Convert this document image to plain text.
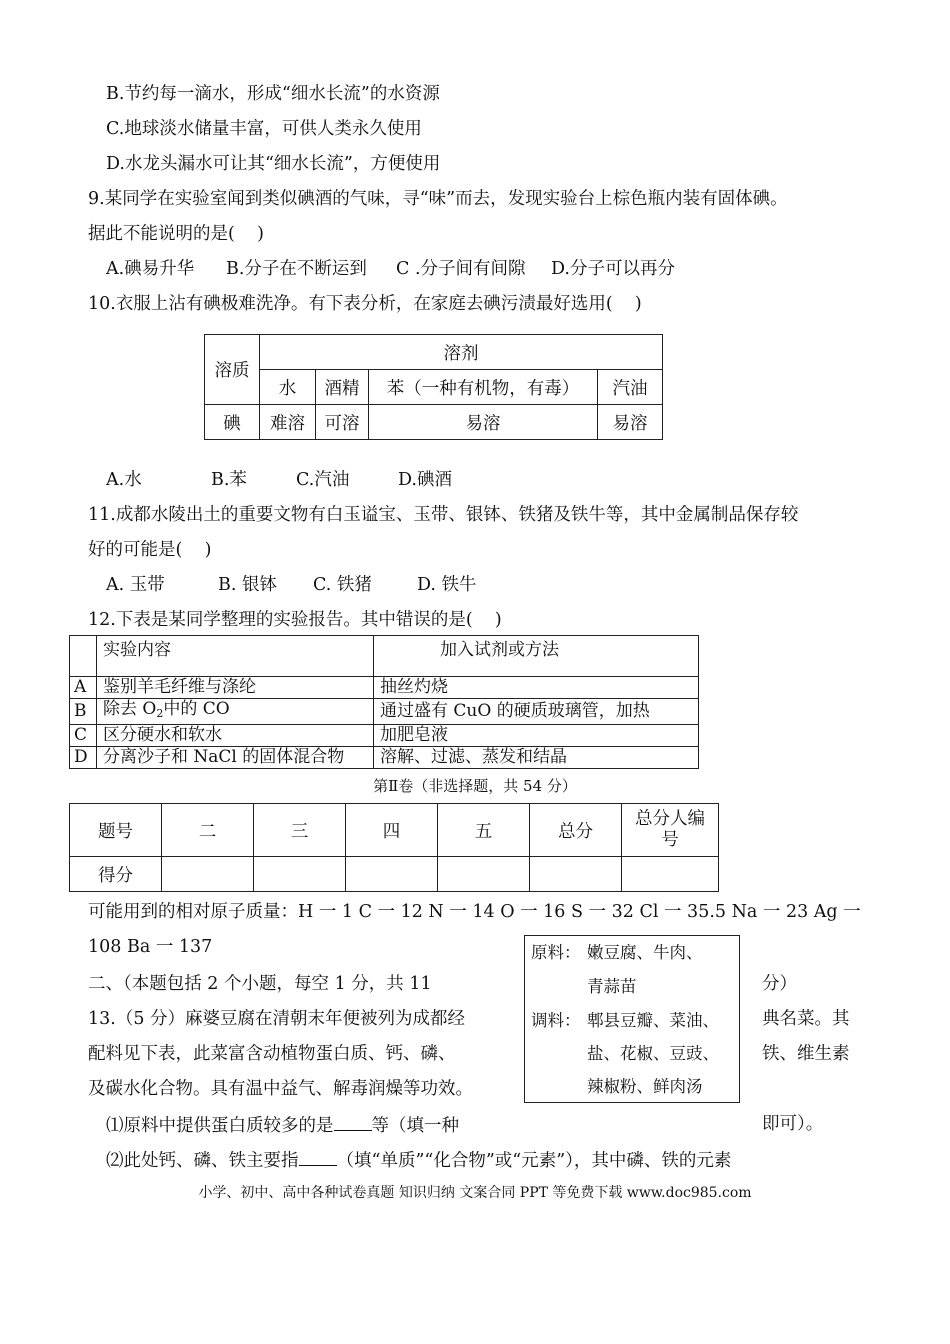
B.节约每一滴水，形成“细水长流”的水资源
C.地球淡水储量丰富，可供人类永久使用
D.水龙头漏水可让其“细水长流”，方便使用
9.某同学在实验室闻到类似碘酒的气味，寻“味”而去，发现实验台上棕色瓶内装有固体碘。
据此不能说明的是(    )
A.碘易升华 B.分子在不断运到 C .分子间有间隙 D.分子可以再分
10.衣服上沾有碘极难洗净。有下表分析，在家庭去碘污渍最好选用(    )
溶质	溶剂			
	水	酒精	苯（一种有机物，有毒）	汽油
碘	难溶	可溶	易溶	易溶
A.水	B.苯	C.汽油	D.碘酒
11.成都水陵出土的重要文物有白玉谥宝、玉带、银钵、铁猪及铁牛等，其中金属制品保存较
好的可能是(    )
A. 玉带	B. 银钵 C. 铁猪	D. 铁牛
12.下表是某同学整理的实验报告。其中错误的是(    )
	实验内容	加入试剂或方法
A	鉴别羊毛纤维与涤纶	抽丝灼烧
B	除去 $O_2$中的 CO	通过盛有 CuO 的硬质玻璃管，加热
C	区分硬水和软水	加肥皂液
D	分离沙子和 NaCl 的固体混合物	溶解、过滤、蒸发和结晶
第Ⅱ卷（非选择题，共 54 分）
题号	二	三	四	五	总分	总分人编号
得分						
可能用到的相对原子质量：H 一 1 C 一 12 N 一 14 O 一 16 S 一 32 Cl 一 35.5 Na 一 23 Ag 一
108 Ba 一 137
二、（本题包括 2 个小题，每空 1 分，共 11	分）
13.（5 分）麻婆豆腐在清朝末年便被列为成都经	典名菜。其
配料见下表，此菜富含动植物蛋白质、钙、磷、	铁、维生素
及碳水化合物。具有温中益气、解毒润燥等功效。
⑴原料中提供蛋白质较多的是 等（填一种	即可）。
⑵此处钙、磷、铁主要指 （填“单质”“化合物”或“元素”），其中磷、铁的元素
原料： 嫩豆腐、牛肉、
青蒜苗
调料： 郫县豆瓣、菜油、
盐、花椒、豆豉、
辣椒粉、鲜肉汤
小学、初中、高中各种试卷真题 知识归纳 文案合同 PPT 等免费下载 www.doc985.com
